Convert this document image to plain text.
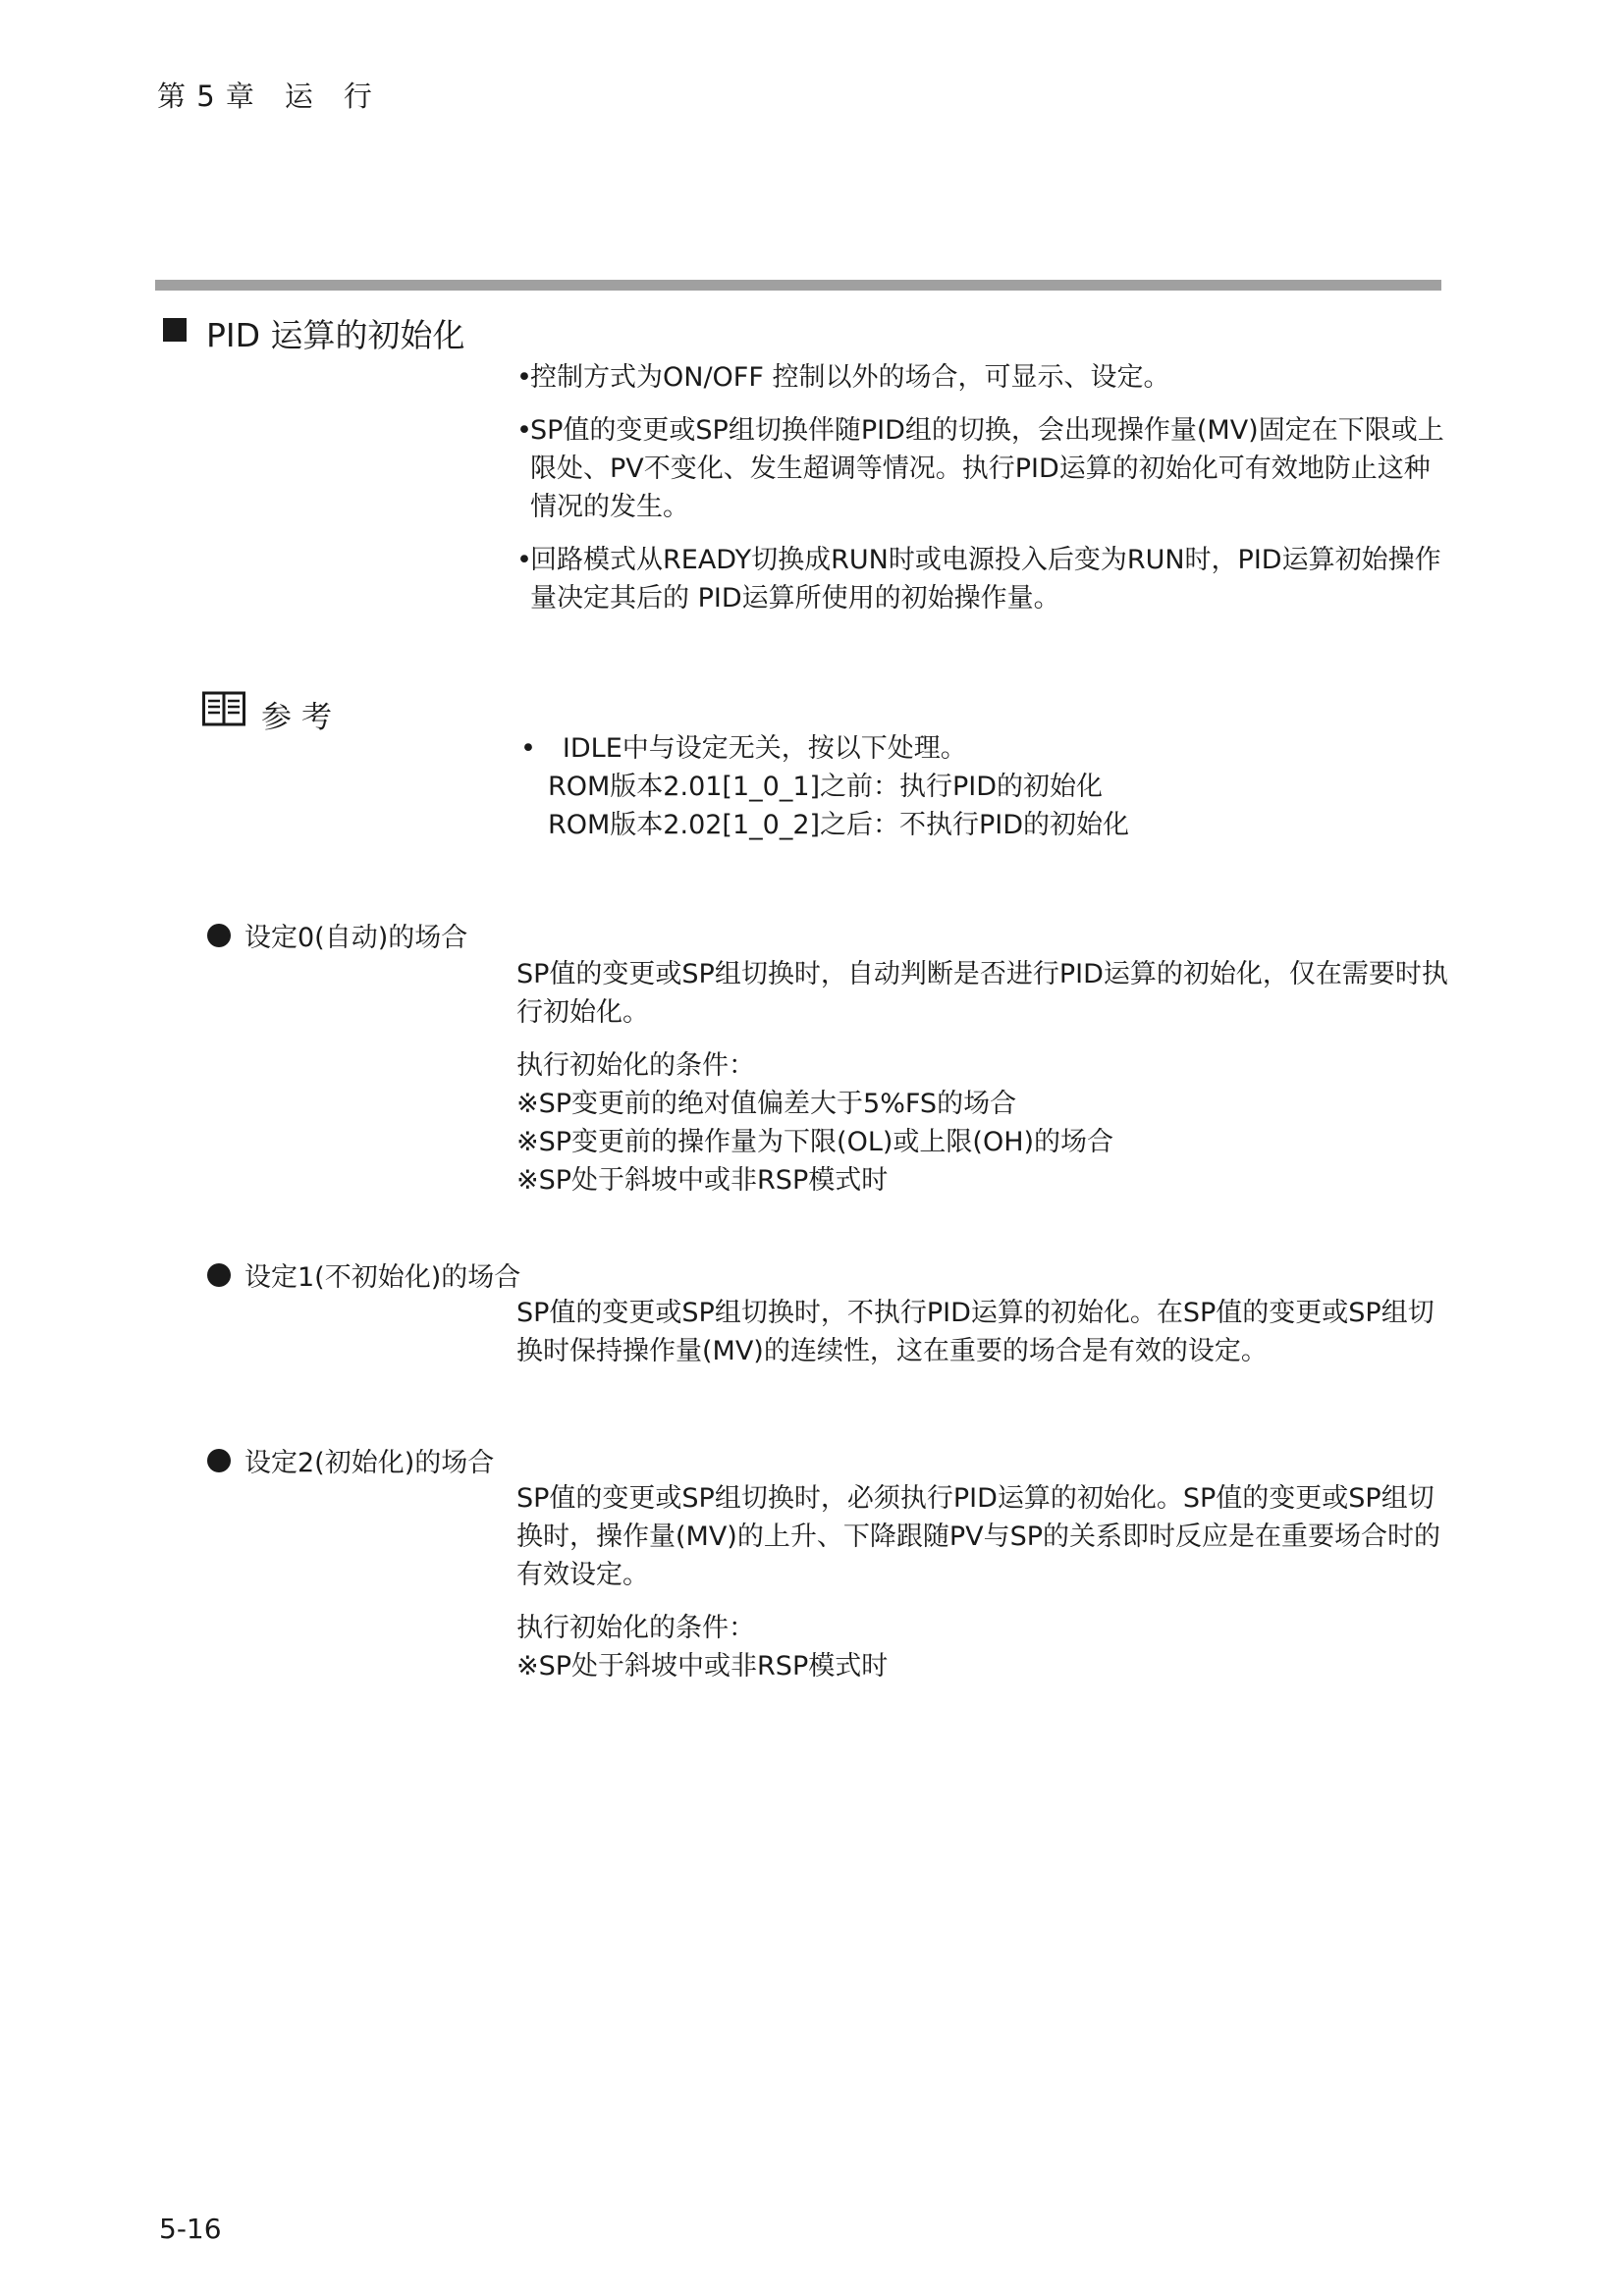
第 5 章　运　行
PID 运算的初始化
• 控制方式为ON/OFF 控制以外的场合，可显示、设定。
• SP值的变更或SP组切换伴随PID组的切换，会出现操作量(MV)固定在下限或上限处、PV不变化、发生超调等情况。执行PID运算的初始化可有效地防止这种情况的发生。
• 回路模式从READY切换成RUN时或电源投入后变为RUN时，PID运算初始操作量决定其后的 PID运算所使用的初始操作量。
参考
•　IDLE中与设定无关，按以下处理。
ROM版本2.01[1_0_1]之前：执行PID的初始化
ROM版本2.02[1_0_2]之后：不执行PID的初始化
设定0(自动)的场合
SP值的变更或SP组切换时，自动判断是否进行PID运算的初始化，仅在需要时执行初始化。
执行初始化的条件：
※SP变更前的绝对值偏差大于5%FS的场合
※SP变更前的操作量为下限(OL)或上限(OH)的场合
※SP处于斜坡中或非RSP模式时
设定1(不初始化)的场合
SP值的变更或SP组切换时，不执行PID运算的初始化。在SP值的变更或SP组切换时保持操作量(MV)的连续性，这在重要的场合是有效的设定。
设定2(初始化)的场合
SP值的变更或SP组切换时，必须执行PID运算的初始化。SP值的变更或SP组切换时，操作量(MV)的上升、下降跟随PV与SP的关系即时反应是在重要场合时的有效设定。
执行初始化的条件：
※SP处于斜坡中或非RSP模式时
5-16
